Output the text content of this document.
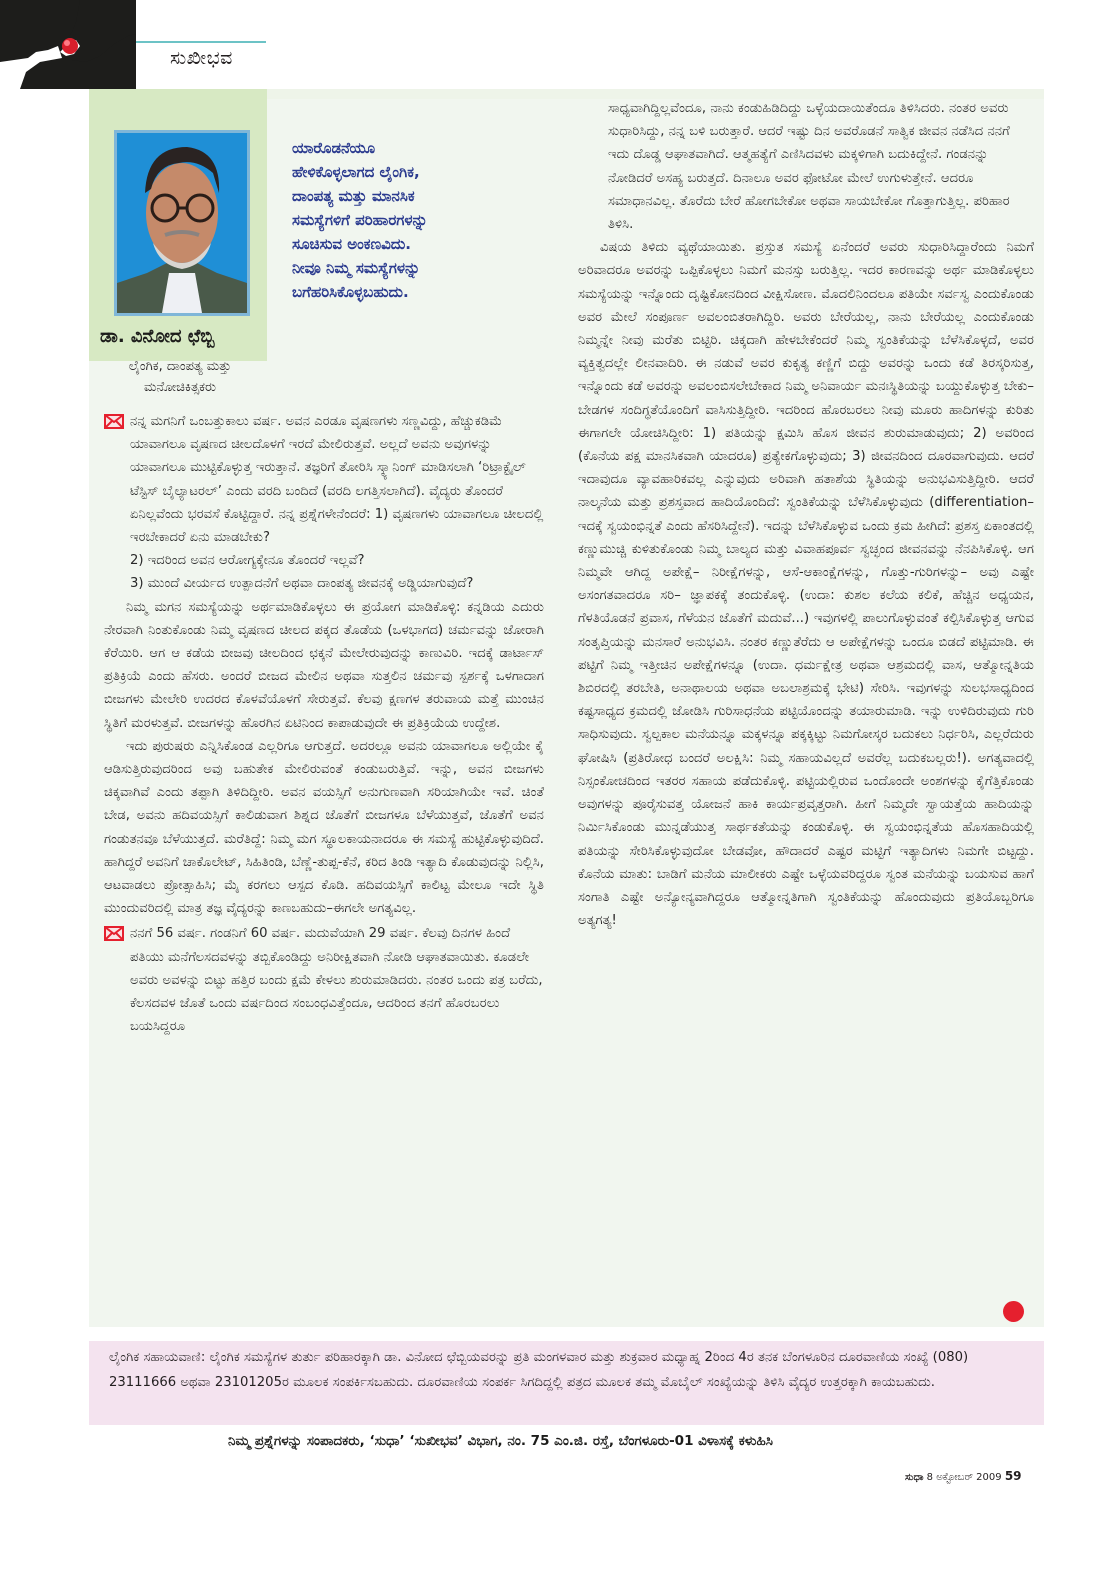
ಸುಖೀಭವ
ಡಾ. ವಿನೋದ ಛೆಬ್ಬಿ
ಲೈಂಗಿಕ, ದಾಂಪತ್ಯ ಮತ್ತು
ಮನೋಚಿಕಿತ್ಸಕರು
ಯಾರೊಡನೆಯೂ
ಹೇಳಿಕೊಳ್ಳಲಾಗದ ಲೈಂಗಿಕ,
ದಾಂಪತ್ಯ ಮತ್ತು ಮಾನಸಿಕ
ಸಮಸ್ಯೆಗಳಿಗೆ ಪರಿಹಾರಗಳನ್ನು
ಸೂಚಿಸುವ ಅಂಕಣವಿದು.
ನೀವೂ ನಿಮ್ಮ ಸಮಸ್ಯೆಗಳನ್ನು
ಬಗೆಹರಿಸಿಕೊಳ್ಳಬಹುದು.

ನನ್ನ ಮಗನಿಗೆ ಒಂಬತ್ತುಕಾಲು ವರ್ಷ. ಅವನ ಎರಡೂ ವೃಷಣಗಳು ಸಣ್ಣವಿದ್ದು, ಹೆಚ್ಚುಕಡಿಮೆ ಯಾವಾಗಲೂ ವೃಷಣದ ಚೀಲದೊಳಗೆ ಇರದೆ ಮೇಲಿರುತ್ತವೆ. ಅಲ್ಲದೆ ಅವನು ಅವುಗಳನ್ನು ಯಾವಾಗಲೂ ಮುಟ್ಟಿಕೊಳ್ಳುತ್ತ ಇರುತ್ತಾನೆ. ತಜ್ಞರಿಗೆ ತೋರಿಸಿ ಸ್ಕ್ಯಾನಿಂಗ್ ಮಾಡಿಸಲಾಗಿ ‘ರಿಟ್ರಾಕ್ಟೈಲ್ ಟೆಸ್ಟಿಸ್ ಬೈಲ್ಯಾಟರಲ್’ ಎಂದು ವರದಿ ಬಂದಿದೆ (ವರದಿ ಲಗತ್ತಿಸಲಾಗಿದೆ). ವೈದ್ಯರು ತೊಂದರೆ ಏನಿಲ್ಲವೆಂದು ಭರವಸೆ ಕೊಟ್ಟಿದ್ದಾರೆ. ನನ್ನ ಪ್ರಶ್ನೆಗಳೇನೆಂದರೆ: 1) ವೃಷಣಗಳು ಯಾವಾಗಲೂ ಚೀಲದಲ್ಲಿ ಇರಬೇಕಾದರೆ ಏನು ಮಾಡಬೇಕು?

2) ಇದರಿಂದ ಅವನ ಆರೋಗ್ಯಕ್ಕೇನೂ ತೊಂದರೆ ಇಲ್ಲವೆ?

3) ಮುಂದೆ ವೀರ್ಯದ ಉತ್ಪಾದನೆಗೆ ಅಥವಾ ದಾಂಪತ್ಯ ಜೀವನಕ್ಕೆ ಅಡ್ಡಿಯಾಗುವುದೆ?

ನಿಮ್ಮ ಮಗನ ಸಮಸ್ಯೆಯನ್ನು ಅರ್ಥಮಾಡಿಕೊಳ್ಳಲು ಈ ಪ್ರಯೋಗ ಮಾಡಿಕೊಳ್ಳಿ: ಕನ್ನಡಿಯ ಎದುರು ನೇರವಾಗಿ ನಿಂತುಕೊಂಡು ನಿಮ್ಮ ವೃಷಣದ ಚೀಲದ ಪಕ್ಕದ ತೊಡೆಯ (ಒಳಭಾಗದ) ಚರ್ಮವನ್ನು ಜೋರಾಗಿ ಕೆರೆಯಿರಿ. ಆಗ ಆ ಕಡೆಯ ಬೀಜವು ಚೀಲದಿಂದ ಛಕ್ಕನೆ ಮೇಲೇರುವುದನ್ನು ಕಾಣುವಿರಿ. ಇದಕ್ಕೆ ಡಾರ್ಟಾಸ್ ಪ್ರತಿಕ್ರಿಯೆ ಎಂದು ಹೆಸರು. ಅಂದರೆ ಬೀಜದ ಮೇಲಿನ ಅಥವಾ ಸುತ್ತಲಿನ ಚರ್ಮವು ಸ್ಪರ್ಶಕ್ಕೆ ಒಳಗಾದಾಗ ಬೀಜಗಳು ಮೇಲೇರಿ ಉದರದ ಕೊಳವೆಯೊಳಗೆ ಸೇರುತ್ತವೆ. ಕೆಲವು ಕ್ಷಣಗಳ ತರುವಾಯ ಮತ್ತೆ ಮುಂಚಿನ ಸ್ಥಿತಿಗೆ ಮರಳುತ್ತವೆ. ಬೀಜಗಳನ್ನು ಹೊರಗಿನ ಏಟಿನಿಂದ ಕಾಪಾಡುವುದೇ ಈ ಪ್ರತಿಕ್ರಿಯೆಯ ಉದ್ದೇಶ.

ಇದು ಪುರುಷರು ಎನ್ನಿಸಿಕೊಂಡ ಎಲ್ಲರಿಗೂ ಆಗುತ್ತದೆ. ಅದರಲ್ಲೂ ಅವನು ಯಾವಾಗಲೂ ಅಲ್ಲಿಯೇ ಕೈ ಆಡಿಸುತ್ತಿರುವುದರಿಂದ ಅವು ಬಹುತೇಕ ಮೇಲಿರುವಂತೆ ಕಂಡುಬರುತ್ತಿವೆ. ಇನ್ನು, ಅವನ ಬೀಜಗಳು ಚಿಕ್ಕವಾಗಿವೆ ಎಂದು ತಪ್ಪಾಗಿ ತಿಳಿದಿದ್ದೀರಿ. ಅವನ ವಯಸ್ಸಿಗೆ ಅನುಗುಣವಾಗಿ ಸರಿಯಾಗಿಯೇ ಇವೆ. ಚಿಂತೆ ಬೇಡ, ಅವನು ಹದಿವಯಸ್ಸಿಗೆ ಕಾಲಿಡುವಾಗ ಶಿಶ್ನದ ಜೊತೆಗೆ ಬೀಜಗಳೂ ಬೆಳೆಯುತ್ತವೆ, ಜೊತೆಗೆ ಅವನ ಗಂಡುತನವೂ ಬೆಳೆಯುತ್ತದೆ. ಮರೆತಿದ್ದೆ: ನಿಮ್ಮ ಮಗ ಸ್ಥೂಲಕಾಯನಾದರೂ ಈ ಸಮಸ್ಯೆ ಹುಟ್ಟಿಕೊಳ್ಳುವುದಿದೆ. ಹಾಗಿದ್ದರೆ ಅವನಿಗೆ ಚಾಕೊಲೇಟ್, ಸಿಹಿತಿಂಡಿ, ಬೆಣ್ಣೆ-ತುಪ್ಪ-ಕೆನೆ, ಕರಿದ ತಿಂಡಿ ಇತ್ಯಾದಿ ಕೊಡುವುದನ್ನು ನಿಲ್ಲಿಸಿ, ಆಟವಾಡಲು ಪ್ರೋತ್ಸಾಹಿಸಿ; ಮೈ ಕರಗಲು ಆಸ್ಪದ ಕೊಡಿ. ಹದಿವಯಸ್ಸಿಗೆ ಕಾಲಿಟ್ಟ ಮೇಲೂ ಇದೇ ಸ್ಥಿತಿ ಮುಂದುವರಿದಲ್ಲಿ ಮಾತ್ರ ತಜ್ಞ ವೈದ್ಯರನ್ನು ಕಾಣಬಹುದು–ಈಗಲೇ ಅಗತ್ಯವಿಲ್ಲ.

ನನಗೆ 56 ವರ್ಷ. ಗಂಡನಿಗೆ 60 ವರ್ಷ. ಮದುವೆಯಾಗಿ 29 ವರ್ಷ. ಕೆಲವು ದಿನಗಳ ಹಿಂದೆ ಪತಿಯು ಮನೆಗೆಲಸದವಳನ್ನು ತಬ್ಬಿಕೊಂಡಿದ್ದು ಅನಿರೀಕ್ಷಿತವಾಗಿ ನೋಡಿ ಆಘಾತವಾಯಿತು. ಕೂಡಲೇ ಅವರು ಅವಳನ್ನು ಬಿಟ್ಟು ಹತ್ತಿರ ಬಂದು ಕ್ಷಮೆ ಕೇಳಲು ಶುರುಮಾಡಿದರು. ನಂತರ ಒಂದು ಪತ್ರ ಬರೆದು, ಕೆಲಸದವಳ ಜೊತೆ ಒಂದು ವರ್ಷದಿಂದ ಸಂಬಂಧವಿತ್ತೆಂದೂ, ಆದರಿಂದ ತನಗೆ ಹೊರಬರಲು ಬಯಸಿದ್ದರೂ

ಸಾಧ್ಯವಾಗಿದ್ದಿಲ್ಲವೆಂದೂ, ನಾನು ಕಂಡುಹಿಡಿದಿದ್ದು ಒಳ್ಳೆಯದಾಯಿತೆಂದೂ ತಿಳಿಸಿದರು. ನಂತರ ಅವರು ಸುಧಾರಿಸಿದ್ದು, ನನ್ನ ಬಳಿ ಬರುತ್ತಾರೆ. ಆದರೆ ಇಷ್ಟು ದಿನ ಅವರೊಡನೆ ಸಾತ್ವಿಕ ಜೀವನ ನಡೆಸಿದ ನನಗೆ ಇದು ದೊಡ್ಡ ಆಘಾತವಾಗಿದೆ. ಆತ್ಮಹತ್ಯೆಗೆ ಎಣಿಸಿದವಳು ಮಕ್ಕಳಿಗಾಗಿ ಬದುಕಿದ್ದೇನೆ. ಗಂಡನನ್ನು ನೋಡಿದರೆ ಅಸಹ್ಯ ಬರುತ್ತದೆ. ದಿನಾಲೂ ಅವರ ಫೋಟೋ ಮೇಲೆ ಉಗುಳುತ್ತೇನೆ. ಆದರೂ ಸಮಾಧಾನವಿಲ್ಲ. ತೊರೆದು ಬೇರೆ ಹೋಗಬೇಕೋ ಅಥವಾ ಸಾಯಬೇಕೋ ಗೊತ್ತಾಗುತ್ತಿಲ್ಲ. ಪರಿಹಾರ ತಿಳಿಸಿ.

ವಿಷಯ ತಿಳಿದು ವ್ಯಥೆಯಾಯಿತು. ಪ್ರಸ್ತುತ ಸಮಸ್ಯೆ ಏನೆಂದರೆ ಅವರು ಸುಧಾರಿಸಿದ್ದಾರೆಂದು ನಿಮಗೆ ಅರಿವಾದರೂ ಅವರನ್ನು ಒಪ್ಪಿಕೊಳ್ಳಲು ನಿಮಗೆ ಮನಸ್ಸು ಬರುತ್ತಿಲ್ಲ. ಇದರ ಕಾರಣವನ್ನು ಅರ್ಥ ಮಾಡಿಕೊಳ್ಳಲು ಸಮಸ್ಯೆಯನ್ನು ಇನ್ನೊಂದು ದೃಷ್ಟಿಕೋನದಿಂದ ವೀಕ್ಷಿಸೋಣ. ಮೊದಲಿನಿಂದಲೂ ಪತಿಯೇ ಸರ್ವಸ್ವ ಎಂದುಕೊಂಡು ಅವರ ಮೇಲೆ ಸಂಪೂರ್ಣ ಅವಲಂಬಿತರಾಗಿದ್ದಿರಿ. ಅವರು ಬೇರೆಯಲ್ಲ, ನಾನು ಬೇರೆಯಲ್ಲ ಎಂದುಕೊಂಡು ನಿಮ್ಮನ್ನೇ ನೀವು ಮರೆತು ಬಿಟ್ಟಿರಿ. ಚಿಕ್ಕದಾಗಿ ಹೇಳಬೇಕೆಂದರೆ ನಿಮ್ಮ ಸ್ವಂತಿಕೆಯನ್ನು ಬೆಳೆಸಿಕೊಳ್ಳದೆ, ಅವರ ವ್ಯಕ್ತಿತ್ವದಲ್ಲೇ ಲೀನವಾದಿರಿ. ಈ ನಡುವೆ ಅವರ ಕುಕೃತ್ಯ ಕಣ್ಣಿಗೆ ಬಿದ್ದು ಅವರನ್ನು ಒಂದು ಕಡೆ ತಿರಸ್ಕರಿಸುತ್ತ, ಇನ್ನೊಂದು ಕಡೆ ಅವರನ್ನು ಅವಲಂಬಿಸಲೇಬೇಕಾದ ನಿಮ್ಮ ಅನಿವಾರ್ಯ ಮನಃಸ್ಥಿತಿಯನ್ನು ಬಯ್ದುಕೊಳ್ಳುತ್ತ ಬೇಕು– ಬೇಡಗಳ ಸಂದಿಗ್ಧತೆಯೊಂದಿಗೆ ವಾಸಿಸುತ್ತಿದ್ದೀರಿ. ಇದರಿಂದ ಹೊರಬರಲು ನೀವು ಮೂರು ಹಾದಿಗಳನ್ನು ಕುರಿತು ಈಗಾಗಲೇ ಯೋಚಿಸಿದ್ದೀರಿ: 1) ಪತಿಯನ್ನು ಕ್ಷಮಿಸಿ ಹೊಸ ಜೀವನ ಶುರುಮಾಡುವುದು; 2) ಅವರಿಂದ (ಕೊನೆಯ ಪಕ್ಷ ಮಾನಸಿಕವಾಗಿ ಯಾದರೂ) ಪ್ರತ್ಯೇಕಗೊಳ್ಳುವುದು; 3) ಜೀವನದಿಂದ ದೂರವಾಗುವುದು. ಆದರೆ ಇದಾವುದೂ ವ್ಯಾವಹಾರಿಕವಲ್ಲ ಎನ್ನುವುದು ಅರಿವಾಗಿ ಹತಾಶೆಯ ಸ್ಥಿತಿಯನ್ನು ಅನುಭವಿಸುತ್ತಿದ್ದೀರಿ. ಆದರೆ ನಾಲ್ಕನೆಯ ಮತ್ತು ಪ್ರಶಸ್ತವಾದ ಹಾದಿಯೊಂದಿದೆ: ಸ್ವಂತಿಕೆಯನ್ನು ಬೆಳೆಸಿಕೊಳ್ಳುವುದು (differentiation–ಇದಕ್ಕೆ ಸ್ವಯಂಭಿನ್ನತೆ ಎಂದು ಹೆಸರಿಸಿದ್ದೇನೆ). ಇದನ್ನು ಬೆಳೆಸಿಕೊಳ್ಳುವ ಒಂದು ಕ್ರಮ ಹೀಗಿದೆ: ಪ್ರಶಸ್ತ ಏಕಾಂತದಲ್ಲಿ ಕಣ್ಣುಮುಚ್ಚಿ ಕುಳಿತುಕೊಂಡು ನಿಮ್ಮ ಬಾಲ್ಯದ ಮತ್ತು ವಿವಾಹಪೂರ್ವ ಸ್ವಚ್ಛಂದ ಜೀವನವನ್ನು ನೆನಪಿಸಿಕೊಳ್ಳಿ. ಆಗ ನಿಮ್ಮವೇ ಆಗಿದ್ದ ಅಪೇಕ್ಷೆ– ನಿರೀಕ್ಷೆಗಳನ್ನು, ಆಸೆ-ಆಕಾಂಕ್ಷೆಗಳನ್ನು, ಗೊತ್ತು-ಗುರಿಗಳನ್ನು– ಅವು ಎಷ್ಟೇ ಅಸಂಗತವಾದರೂ ಸರಿ– ಜ್ಞಾಪಕಕ್ಕೆ ತಂದುಕೊಳ್ಳಿ. (ಉದಾ: ಕುಶಲ ಕಲೆಯ ಕಲಿಕೆ, ಹೆಚ್ಚಿನ ಅಧ್ಯಯನ, ಗೆಳತಿಯೊಡನೆ ಪ್ರವಾಸ, ಗೆಳೆಯನ ಜೊತೆಗೆ ಮದುವೆ...) ಇವುಗಳಲ್ಲಿ ಪಾಲುಗೊಳ್ಳುವಂತೆ ಕಲ್ಪಿಸಿಕೊಳ್ಳುತ್ತ ಆಗುವ ಸಂತೃಪ್ತಿಯನ್ನು ಮನಸಾರೆ ಅನುಭವಿಸಿ. ನಂತರ ಕಣ್ಣುತೆರೆದು ಆ ಅಪೇಕ್ಷೆಗಳನ್ನು ಒಂದೂ ಬಿಡದೆ ಪಟ್ಟಿಮಾಡಿ. ಈ ಪಟ್ಟಿಗೆ ನಿಮ್ಮ ಇತ್ತೀಚಿನ ಅಪೇಕ್ಷೆಗಳನ್ನೂ (ಉದಾ. ಧರ್ಮಕ್ಷೇತ್ರ ಅಥವಾ ಆಶ್ರಮದಲ್ಲಿ ವಾಸ, ಆತ್ಮೋನ್ನತಿಯ ಶಿಬಿರದಲ್ಲಿ ತರಬೇತಿ, ಅನಾಥಾಲಯ ಅಥವಾ ಅಬಲಾಶ್ರಮಕ್ಕೆ ಭೇಟಿ) ಸೇರಿಸಿ. ಇವುಗಳನ್ನು ಸುಲಭಸಾಧ್ಯದಿಂದ ಕಷ್ಟಸಾಧ್ಯದ ಕ್ರಮದಲ್ಲಿ ಜೋಡಿಸಿ ಗುರಿಸಾಧನೆಯ ಪಟ್ಟಿಯೊಂದನ್ನು ತಯಾರುಮಾಡಿ. ಇನ್ನು ಉಳಿದಿರುವುದು ಗುರಿ ಸಾಧಿಸುವುದು. ಸ್ವಲ್ಪಕಾಲ ಮನೆಯನ್ನೂ ಮಕ್ಕಳನ್ನೂ ಪಕ್ಕಕ್ಕಿಟ್ಟು ನಿಮಗೋಸ್ಕರ ಬದುಕಲು ನಿರ್ಧರಿಸಿ, ಎಲ್ಲರೆದುರು ಘೋಷಿಸಿ (ಪ್ರತಿರೋಧ ಬಂದರೆ ಅಲಕ್ಷಿಸಿ: ನಿಮ್ಮ ಸಹಾಯವಿಲ್ಲದೆ ಅವರೆಲ್ಲ ಬದುಕಬಲ್ಲರು!). ಅಗತ್ಯವಾದಲ್ಲಿ ನಿಸ್ಸಂಕೋಚದಿಂದ ಇತರರ ಸಹಾಯ ಪಡೆದುಕೊಳ್ಳಿ. ಪಟ್ಟಿಯಲ್ಲಿರುವ ಒಂದೊಂದೇ ಅಂಶಗಳನ್ನು ಕೈಗೆತ್ತಿಕೊಂಡು ಅವುಗಳನ್ನು ಪೂರೈಸುವತ್ತ ಯೋಜನೆ ಹಾಕಿ ಕಾರ್ಯಪ್ರವೃತ್ತರಾಗಿ. ಹೀಗೆ ನಿಮ್ಮದೇ ಸ್ವಾಯತ್ತೆಯ ಹಾದಿಯನ್ನು ನಿರ್ಮಿಸಿಕೊಂಡು ಮುನ್ನಡೆಯುತ್ತ ಸಾರ್ಥಕತೆಯನ್ನು ಕಂಡುಕೊಳ್ಳಿ. ಈ ಸ್ವಯಂಭಿನ್ನತೆಯ ಹೊಸಹಾದಿಯಲ್ಲಿ ಪತಿಯನ್ನು ಸೇರಿಸಿಕೊಳ್ಳುವುದೋ ಬೇಡವೋ, ಹೌದಾದರೆ ಎಷ್ಟರ ಮಟ್ಟಿಗೆ ಇತ್ಯಾದಿಗಳು ನಿಮಗೇ ಬಿಟ್ಟದ್ದು. ಕೊನೆಯ ಮಾತು: ಬಾಡಿಗೆ ಮನೆಯ ಮಾಲೀಕರು ಎಷ್ಟೇ ಒಳ್ಳೆಯವರಿದ್ದರೂ ಸ್ವಂತ ಮನೆಯನ್ನು ಬಯಸುವ ಹಾಗೆ ಸಂಗಾತಿ ಎಷ್ಟೇ ಅನ್ಯೋನ್ಯವಾಗಿದ್ದರೂ ಆತ್ಮೋನ್ನತಿಗಾಗಿ ಸ್ವಂತಿಕೆಯನ್ನು ಹೊಂದುವುದು ಪ್ರತಿಯೊಬ್ಬರಿಗೂ ಅತ್ಯಗತ್ಯ!

ಲೈಂಗಿಕ ಸಹಾಯವಾಣಿ: ಲೈಂಗಿಕ ಸಮಸ್ಯೆಗಳ ತುರ್ತು ಪರಿಹಾರಕ್ಕಾಗಿ ಡಾ. ವಿನೋದ ಛೆಬ್ಬಿಯವರನ್ನು ಪ್ರತಿ ಮಂಗಳವಾರ ಮತ್ತು ಶುಕ್ರವಾರ ಮಧ್ಯಾಹ್ನ 2ರಿಂದ 4ರ ತನಕ ಬೆಂಗಳೂರಿನ ದೂರವಾಣಿಯ ಸಂಖ್ಯೆ (080) 23111666 ಅಥವಾ 23101205ರ ಮೂಲಕ ಸಂಪರ್ಕಿಸಬಹುದು. ದೂರವಾಣಿಯ ಸಂಪರ್ಕ ಸಿಗದಿದ್ದಲ್ಲಿ ಪತ್ರದ ಮೂಲಕ ತಮ್ಮ ಮೊಬೈಲ್ ಸಂಖ್ಯೆಯನ್ನು ತಿಳಿಸಿ ವೈದ್ಯರ ಉತ್ತರಕ್ಕಾಗಿ ಕಾಯಬಹುದು.

ನಿಮ್ಮ ಪ್ರಶ್ನೆಗಳನ್ನು ಸಂಪಾದಕರು, ‘ಸುಧಾ’ ‘ಸುಖೀಭವ’ ವಿಭಾಗ, ನಂ. 75 ಎಂ.ಜಿ. ರಸ್ತೆ, ಬೆಂಗಳೂರು-01 ವಿಳಾಸಕ್ಕೆ ಕಳುಹಿಸಿ
ಸುಧಾ 8 ಅಕ್ಟೋಬರ್ 2009 59
